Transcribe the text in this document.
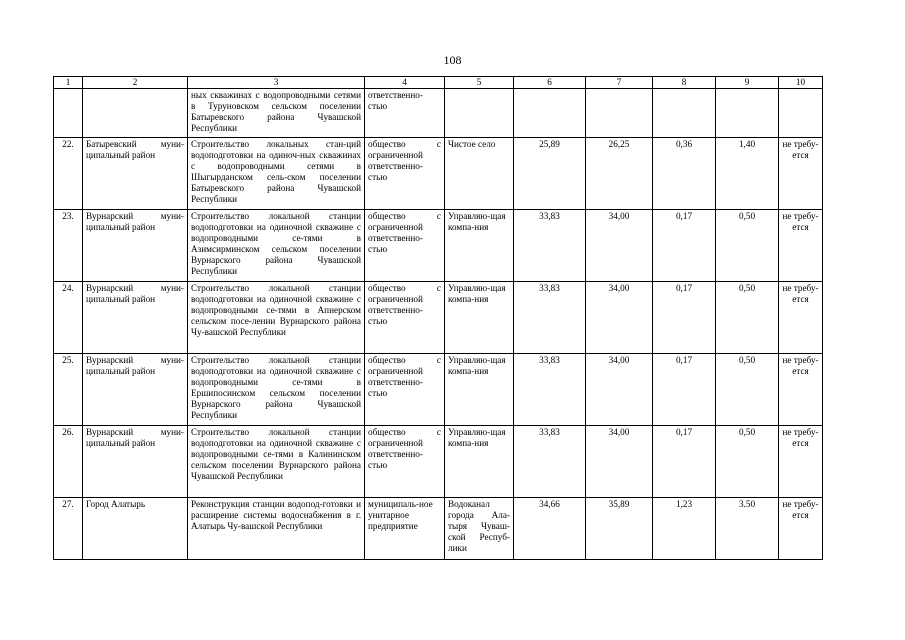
108
1	2	3	4	5	6	7	8	9	10
		ных скважинах с водопроводными сетями в Туруновском сельском поселении Батыревского района Чувашской Республики	ответственно-стью						
22.	Батыревский муни-ципальный район	Строительство локальных стан-ций водоподготовки на одиноч-ных скважинах с водопроводными сетями в Шыгырданском сель-ском поселении Батыревского района Чувашской Республики	общество с ограниченной ответственно-стью	Чистое село	25,89	26,25	0,36	1,40	не требу-ется
23.	Вурнарский муни-ципальный район	Строительство локальной станции водоподготовки на одиночной скважине с водопроводными се-тями в Азимсирминском сельском поселении Вурнарского района Чувашской Республики	общество с ограниченной ответственно-стью	Управляю-щая компа-ния	33,83	34,00	0,17	0,50	не требу-ется
24.	Вурнарский муни-ципальный район	Строительство локальной станции водоподготовки на одиночной скважине с водопроводными се-тями в Апнерском сельском посе-лении Вурнарского района Чу-вашской Республики	общество с ограниченной ответственно-стью	Управляю-щая компа-ния	33,83	34,00	0,17	0,50	не требу-ется
25.	Вурнарский муни-ципальный район	Строительство локальной станции водоподготовки на одиночной скважине с водопроводными се-тями в Ершипосинском сельском поселении Вурнарского района Чувашской Республики	общество с ограниченной ответственно-стью	Управляю-щая компа-ния	33,83	34,00	0,17	0,50	не требу-ется
26.	Вурнарский муни-ципальный район	Строительство локальной станции водоподготовки на одиночной скважине с водопроводными се-тями в Калининском сельском поселении Вурнарского района Чувашской Республики	общество с ограниченной ответственно-стью	Управляю-щая компа-ния	33,83	34,00	0,17	0,50	не требу-ется
27.	Город Алатырь	Реконструкция станции водопод-готовки и расширение системы водоснабжения в г. Алатырь Чу-вашской Республики	муниципаль-ное унитарное предприятие	Водоканал города Ала-тыря Чуваш-ской Респуб-лики	34,66	35,89	1,23	3.50	не требу-ется
